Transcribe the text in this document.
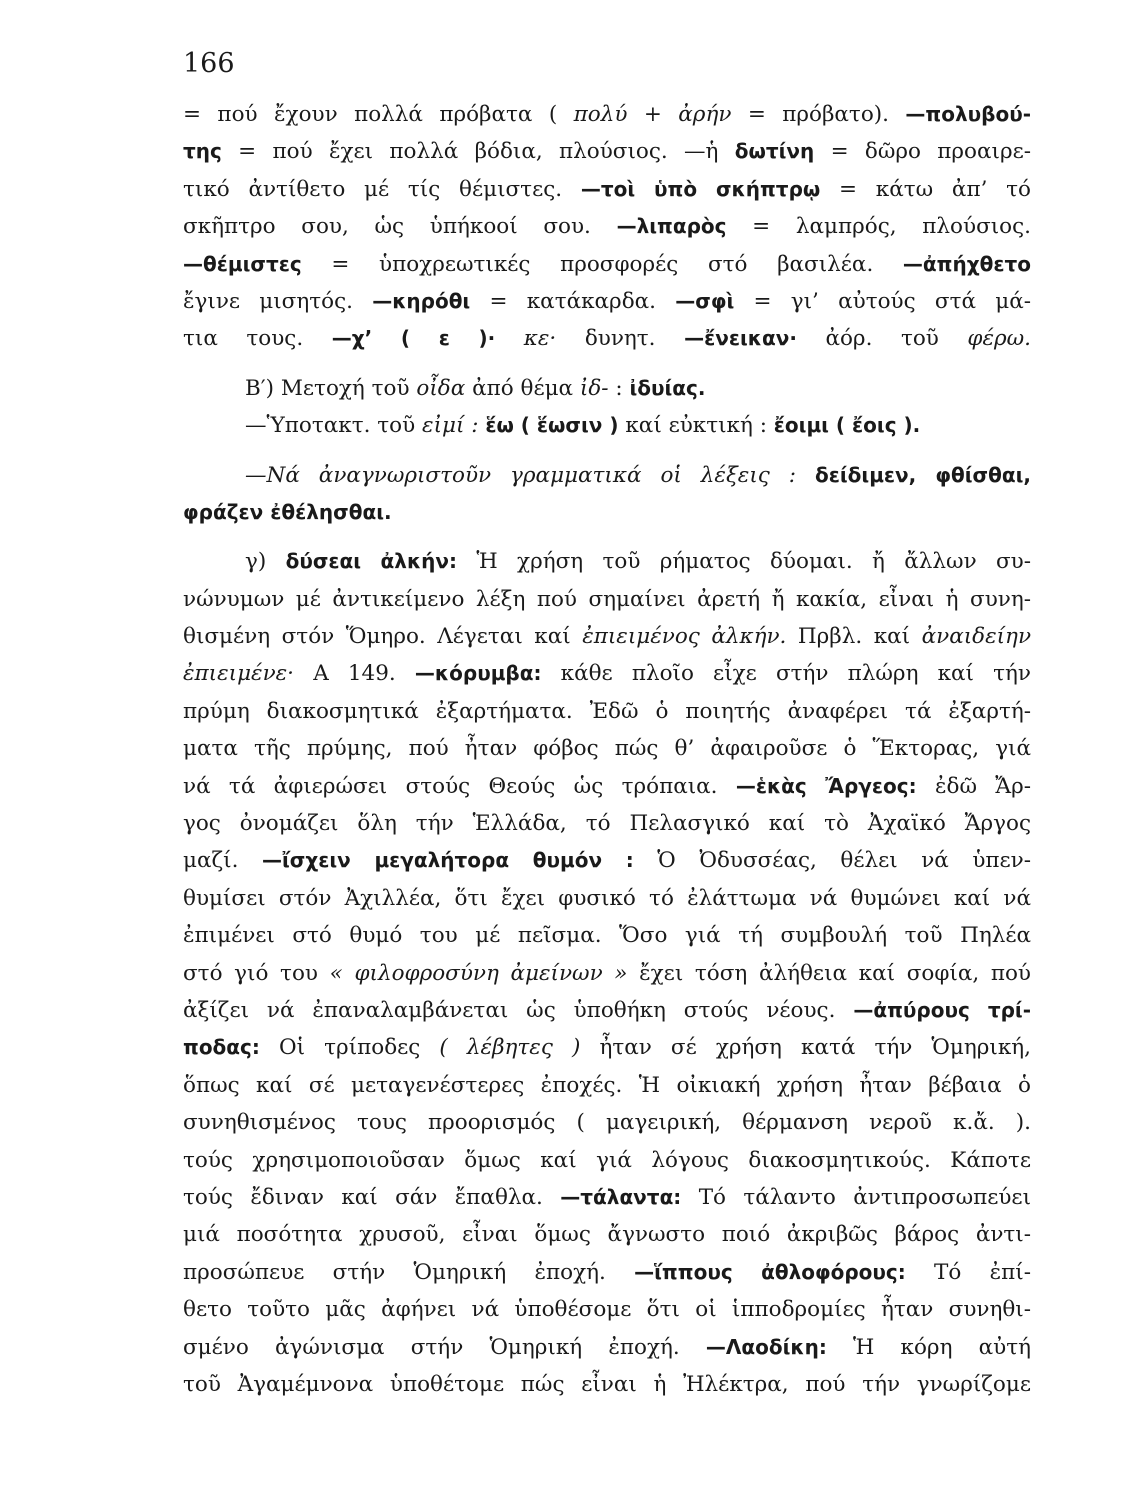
166
= πού ἔχουν πολλά πρόβατα ( πολύ + ἀρήν = πρόβατο). —πολυβού-
της = πού ἔχει πολλά βόδια, πλούσιος. —ἡ δωτίνη = δῶρο προαιρε-
τικό ἀντίθετο μέ τίς θέμιστες. —τοὶ ὑπὸ σκήπτρῳ = κάτω ἀπ’ τό
σκῆπτρο σου, ὡς ὑπήκοοί σου. —λιπαρὸς = λαμπρός, πλούσιος.
—θέμιστες = ὑποχρεωτικές προσφορές στό βασιλέα. —ἀπήχθετο
ἔγινε μισητός. —κηρόθι = κατάκαρδα. —σφὶ = γι’ αὐτούς στά μά-
τια τους. —χ’ ( ε )· κε· δυνητ. —ἔνεικαν· ἀόρ. τοῦ φέρω.
Β′) Μετοχή τοῦ οἶδα ἀπό θέμα ἰδ- : ἰδυίας.
—Ὑποτακτ. τοῦ εἰμί : ἕω ( ἕωσιν ) καί εὐκτική : ἔοιμι ( ἔοις ).
—Νά ἀναγνωριστοῦν γραμματικά οἱ λέξεις : δείδιμεν, φθίσθαι,
φράζεν ἐθέλησθαι.
γ) δύσεαι ἀλκήν: Ἡ χρήση τοῦ ρήματος δύομαι. ἤ ἄλλων συ-
νώνυμων μέ ἀντικείμενο λέξη πού σημαίνει ἀρετή ἤ κακία, εἶναι ἡ συνη-
θισμένη στόν Ὅμηρο. Λέγεται καί ἐπιειμένος ἀλκήν. Πρβλ. καί ἀναιδείην
ἐπιειμένε· Α 149. —κόρυμβα: κάθε πλοῖο εἶχε στήν πλώρη καί τήν
πρύμη διακοσμητικά ἐξαρτήματα. Ἐδῶ ὁ ποιητής ἀναφέρει τά ἐξαρτή-
ματα τῆς πρύμης, πού ἦταν φόβος πώς θ’ ἀφαιροῦσε ὁ Ἕκτορας, γιά
νά τά ἀφιερώσει στούς Θεούς ὡς τρόπαια. —ἑκὰς Ἄργεος: ἐδῶ Ἄρ-
γος ὀνομάζει ὅλη τήν Ἑλλάδα, τό Πελασγικό καί τὸ Ἀχαϊκό Ἄργος
μαζί. —ἴσχειν μεγαλήτορα θυμόν : Ὁ Ὀδυσσέας, θέλει νά ὑπεν-
θυμίσει στόν Ἀχιλλέα, ὅτι ἔχει φυσικό τό ἐλάττωμα νά θυμώνει καί νά
ἐπιμένει στό θυμό του μέ πεῖσμα. Ὅσο γιά τή συμβουλή τοῦ Πηλέα
στό γιό του « φιλοφροσύνη ἀμείνων » ἔχει τόση ἀλήθεια καί σοφία, πού
ἀξίζει νά ἐπαναλαμβάνεται ὡς ὑποθήκη στούς νέους. —ἀπύρους τρί-
ποδας: Οἱ τρίποδες ( λέβητες ) ἦταν σέ χρήση κατά τήν Ὁμηρική,
ὅπως καί σέ μεταγενέστερες ἐποχές. Ἡ οἰκιακή χρήση ἦταν βέβαια ὁ
συνηθισμένος τους προορισμός ( μαγειρική, θέρμανση νεροῦ κ.ἄ. ).
τούς χρησιμοποιοῦσαν ὅμως καί γιά λόγους διακοσμητικούς. Κάποτε
τούς ἔδιναν καί σάν ἔπαθλα. —τάλαντα: Τό τάλαντο ἀντιπροσωπεύει
μιά ποσότητα χρυσοῦ, εἶναι ὅμως ἄγνωστο ποιό ἀκριβῶς βάρος ἀντι-
προσώπευε στήν Ὁμηρική ἐποχή. —ἵππους ἀθλοφόρους: Τό ἐπί-
θετο τοῦτο μᾶς ἀφήνει νά ὑποθέσομε ὅτι οἱ ἱπποδρομίες ἦταν συνηθι-
σμένο ἀγώνισμα στήν Ὁμηρική ἐποχή. —Λαοδίκη: Ἡ κόρη αὐτή
τοῦ Ἀγαμέμνονα ὑποθέτομε πώς εἶναι ἡ Ἠλέκτρα, πού τήν γνωρίζομε
